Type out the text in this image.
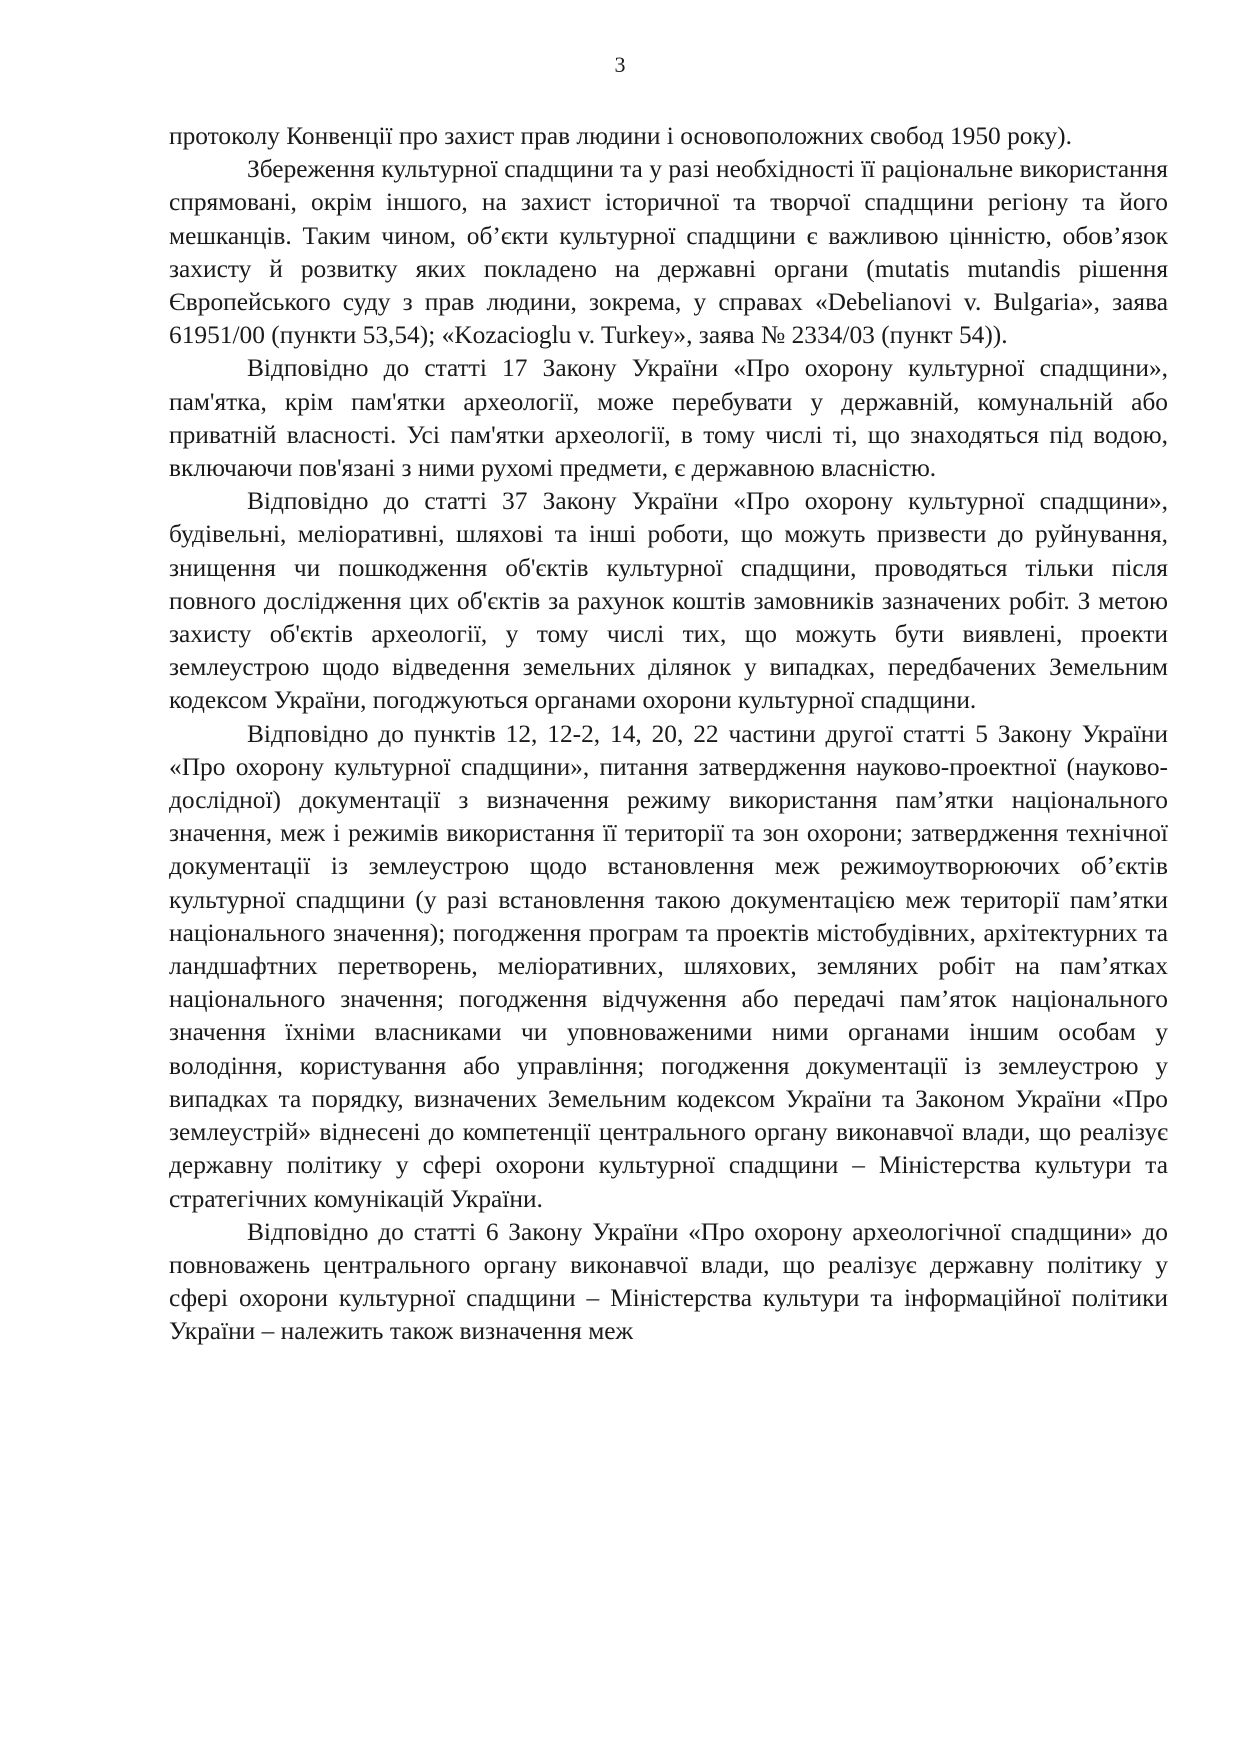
3

протоколу Конвенції про захист прав людини і основоположних свобод 1950 року).

Збереження культурної спадщини та у разі необхідності її раціональне використання спрямовані, окрім іншого, на захист історичної та творчої спадщини регіону та його мешканців. Таким чином, об’єкти культурної спадщини є важливою цінністю, обов’язок захисту й розвитку яких покладено на державні органи (mutatis mutandis рішення Європейського суду з прав людини, зокрема, у справах «Debelianovi v. Bulgaria», заява 61951/00 (пункти 53,54); «Kozacioglu v. Turkey», заява № 2334/03 (пункт 54)).

Відповідно до статті 17 Закону України «Про охорону культурної спадщини», пам'ятка, крім пам'ятки археології, може перебувати у державній, комунальній або приватній власності. Усі пам'ятки археології, в тому числі ті, що знаходяться під водою, включаючи пов'язані з ними рухомі предмети, є державною власністю.

Відповідно до статті 37 Закону України «Про охорону культурної спадщини», будівельні, меліоративні, шляхові та інші роботи, що можуть призвести до руйнування, знищення чи пошкодження об'єктів культурної спадщини, проводяться тільки після повного дослідження цих об'єктів за рахунок коштів замовників зазначених робіт. З метою захисту об'єктів археології, у тому числі тих, що можуть бути виявлені, проекти землеустрою щодо відведення земельних ділянок у випадках, передбачених Земельним кодексом України, погоджуються органами охорони культурної спадщини.

Відповідно до пунктів 12, 12-2, 14, 20, 22 частини другої статті 5 Закону України «Про охорону культурної спадщини», питання затвердження науково-проектної (науково-дослідної) документації з визначення режиму використання пам’ятки національного значення, меж і режимів використання її території та зон охорони; затвердження технічної документації із землеустрою щодо встановлення меж режимоутворюючих об’єктів культурної спадщини (у разі встановлення такою документацією меж території пам’ятки національного значення); погодження програм та проектів містобудівних, архітектурних та ландшафтних перетворень, меліоративних, шляхових, земляних робіт на пам’ятках національного значення; погодження відчуження або передачі пам’яток національного значення їхніми власниками чи уповноваженими ними органами іншим особам у володіння, користування або управління; погодження документації із землеустрою у випадках та порядку, визначених Земельним кодексом України та Законом України «Про землеустрій» віднесені до компетенції центрального органу виконавчої влади, що реалізує державну політику у сфері охорони культурної спадщини – Міністерства культури та стратегічних комунікацій України.

Відповідно до статті 6 Закону України «Про охорону археологічної спадщини» до повноважень центрального органу виконавчої влади, що реалізує державну політику у сфері охорони культурної спадщини – Міністерства культури та інформаційної політики України – належить також визначення меж
